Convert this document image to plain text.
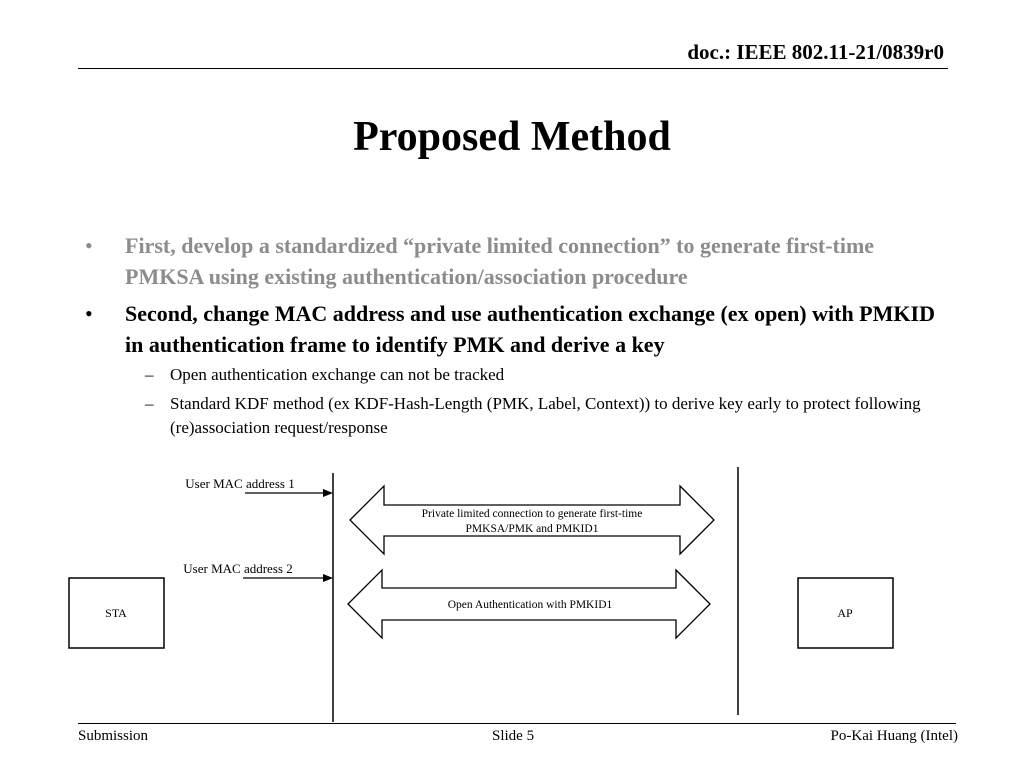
doc.: IEEE 802.11-21/0839r0
Proposed Method
• First, develop a standardized “private limited connection” to generate first-time PMKSA using existing authentication/association procedure
• Second, change MAC address and use authentication exchange (ex open) with PMKID in authentication frame to identify PMK and derive a key
– Open authentication exchange can not be tracked
– Standard KDF method (ex KDF-Hash-Length (PMK, Label, Context)) to derive key early to protect following (re)association request/response
STA	AP
User MAC address 1
User MAC address 2
Private limited connection to generate first-time
PMKSA/PMK and PMKID1
Open Authentication with PMKID1
Submission	Slide 5	Po-Kai Huang (Intel)
